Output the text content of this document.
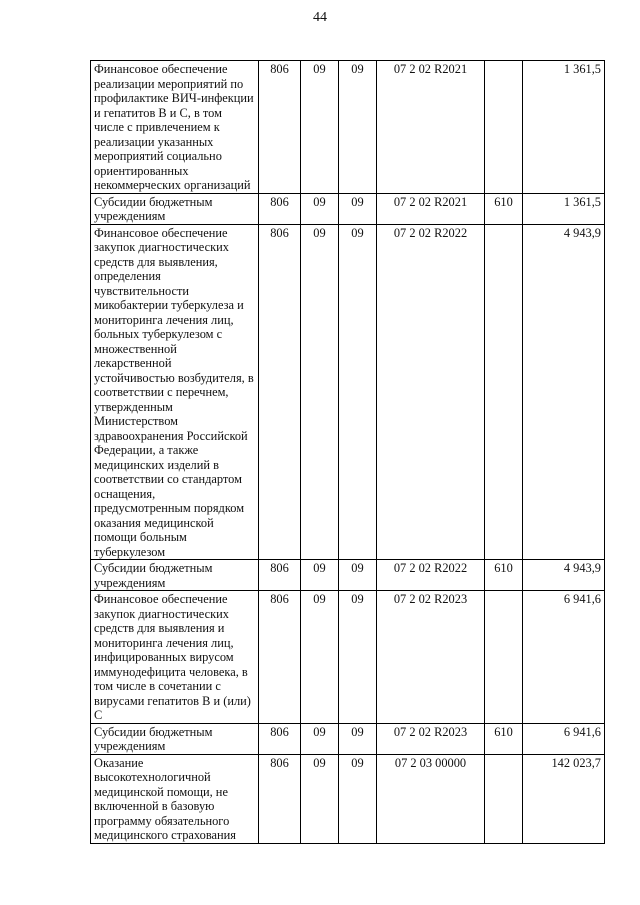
44
Финансовое обеспечение реализации мероприятий по профилактике ВИЧ-инфекции и гепатитов В и С, в том числе с привлечением к реализации указанных мероприятий социально ориентированных некоммерческих организаций	806	09	09	07 2 02 R2021		1 361,5
Субсидии бюджетным учреждениям	806	09	09	07 2 02 R2021	610	1 361,5
Финансовое обеспечение закупок диагностических средств для выявления, определения чувствительности микобактерии туберкулеза и мониторинга лечения лиц, больных туберкулезом с множественной лекарственной устойчивостью возбудителя, в соответствии с перечнем, утвержденным Министерством здравоохранения Российской Федерации, а также медицинских изделий в соответствии со стандартом оснащения, предусмотренным порядком оказания медицинской помощи больным туберкулезом	806	09	09	07 2 02 R2022		4 943,9
Субсидии бюджетным учреждениям	806	09	09	07 2 02 R2022	610	4 943,9
Финансовое обеспечение закупок диагностических средств для выявления и мониторинга лечения лиц, инфицированных вирусом иммунодефицита человека, в том числе в сочетании с вирусами гепатитов В и (или) С	806	09	09	07 2 02 R2023		6 941,6
Субсидии бюджетным учреждениям	806	09	09	07 2 02 R2023	610	6 941,6
Оказание высокотехнологичной медицинской помощи, не включенной в базовую программу обязательного медицинского страхования	806	09	09	07 2 03 00000		142 023,7
